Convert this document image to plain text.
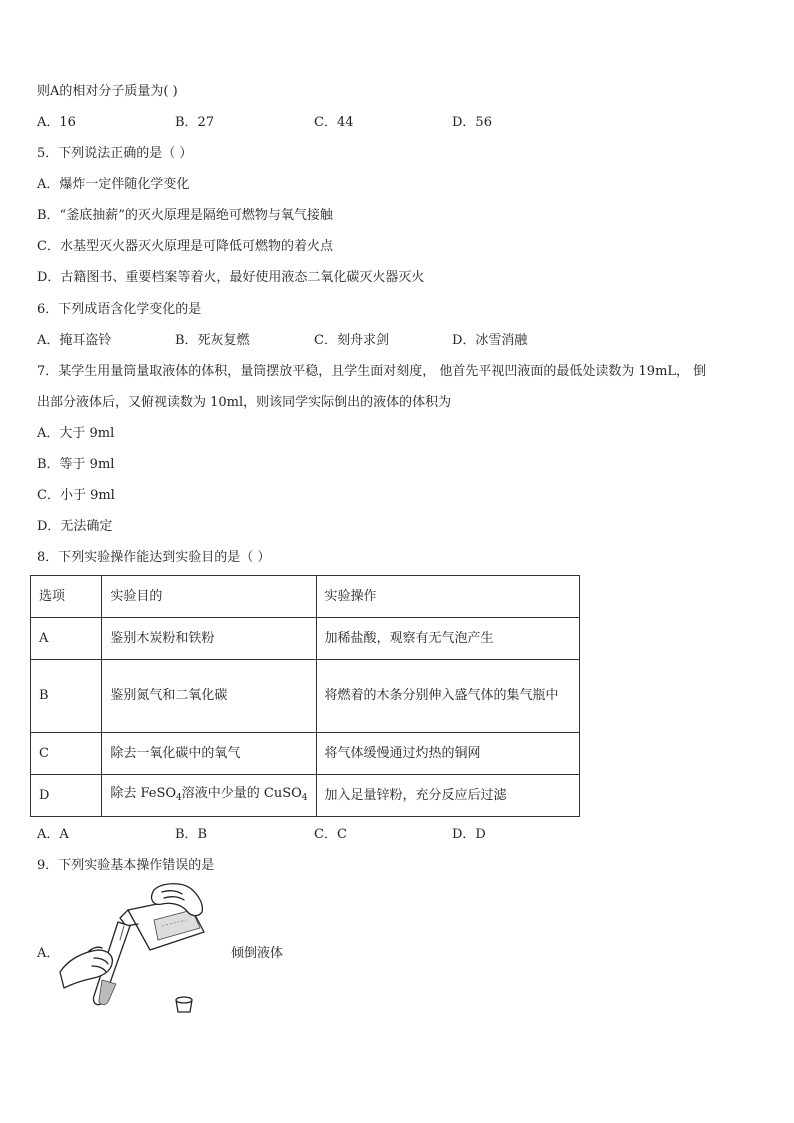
则A的相对分子质量为( )
A．16	B．27	C．44	D．56
5．下列说法正确的是（ ）
A．爆炸一定伴随化学变化
B．“釜底抽薪”的灭火原理是隔绝可燃物与氧气接触
C．水基型灭火器灭火原理是可降低可燃物的着火点
D．古籍图书、重要档案等着火，最好使用液态二氧化碳灭火器灭火
6．下列成语含化学变化的是
A．掩耳盗铃	B．死灰复燃	C．刻舟求剑	D．冰雪消融
7．某学生用量筒量取液体的体积，量筒摆放平稳，且学生面对刻度， 他首先平视凹液面的最低处读数为 19mL， 倒
出部分液体后，又俯视读数为 10ml，则该同学实际倒出的液体的体积为
A．大于 9ml
B．等于 9ml
C．小于 9ml
D．无法确定
8．下列实验操作能达到实验目的是（ ）
选项	实验目的	实验操作
A	鉴别木炭粉和铁粉	加稀盐酸，观察有无气泡产生
B	鉴别氮气和二氧化碳	将燃着的木条分别伸入盛气体的集气瓶中
C	除去一氧化碳中的氧气	将气体缓慢通过灼热的铜网
D	除去 FeSO$_4$溶液中少量的 CuSO$_4$	加入足量锌粉，充分反应后过滤
A．A	B．B	C．C	D．D
9．下列实验基本操作错误的是
A．	倾倒液体
